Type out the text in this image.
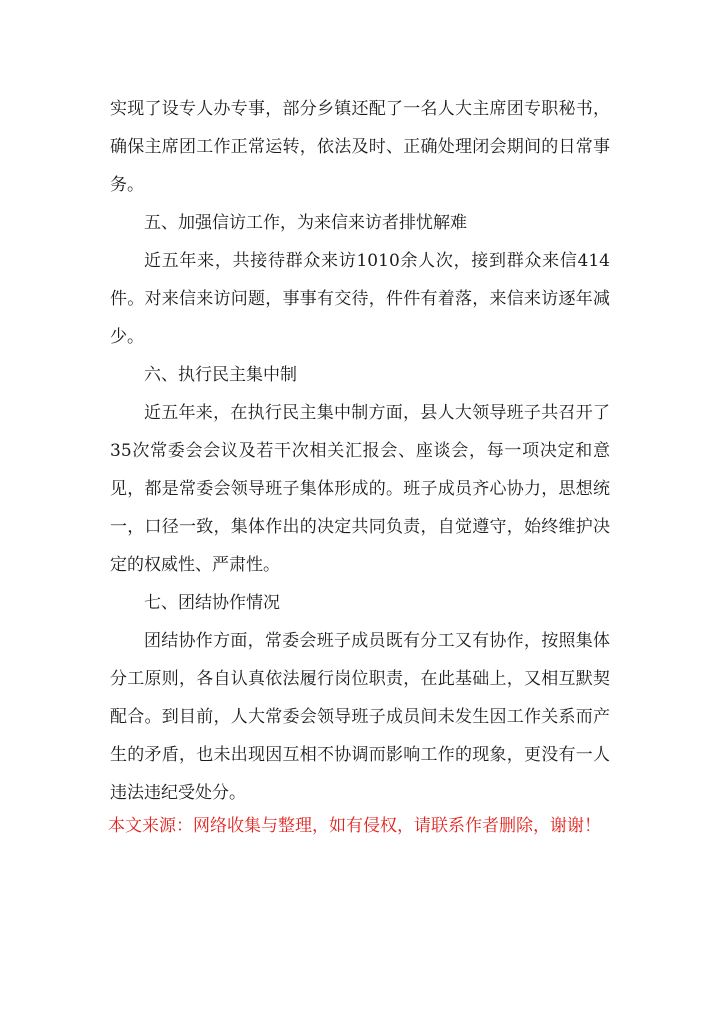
实现了设专人办专事，部分乡镇还配了一名人大主席团专职秘书，确保主席团工作正常运转，依法及时、正确处理闭会期间的日常事务。

五、加强信访工作，为来信来访者排忧解难

近五年来，共接待群众来访1010余人次，接到群众来信414件。对来信来访问题，事事有交待，件件有着落，来信来访逐年减少。

六、执行民主集中制

近五年来，在执行民主集中制方面，县人大领导班子共召开了35次常委会会议及若干次相关汇报会、座谈会，每一项决定和意见，都是常委会领导班子集体形成的。班子成员齐心协力，思想统一，口径一致，集体作出的决定共同负责，自觉遵守，始终维护决定的权威性、严肃性。

七、团结协作情况

团结协作方面，常委会班子成员既有分工又有协作，按照集体分工原则，各自认真依法履行岗位职责，在此基础上，又相互默契配合。到目前，人大常委会领导班子成员间未发生因工作关系而产生的矛盾，也未出现因互相不协调而影响工作的现象，更没有一人违法违纪受处分。

本文来源：网络收集与整理，如有侵权，请联系作者删除，谢谢！
